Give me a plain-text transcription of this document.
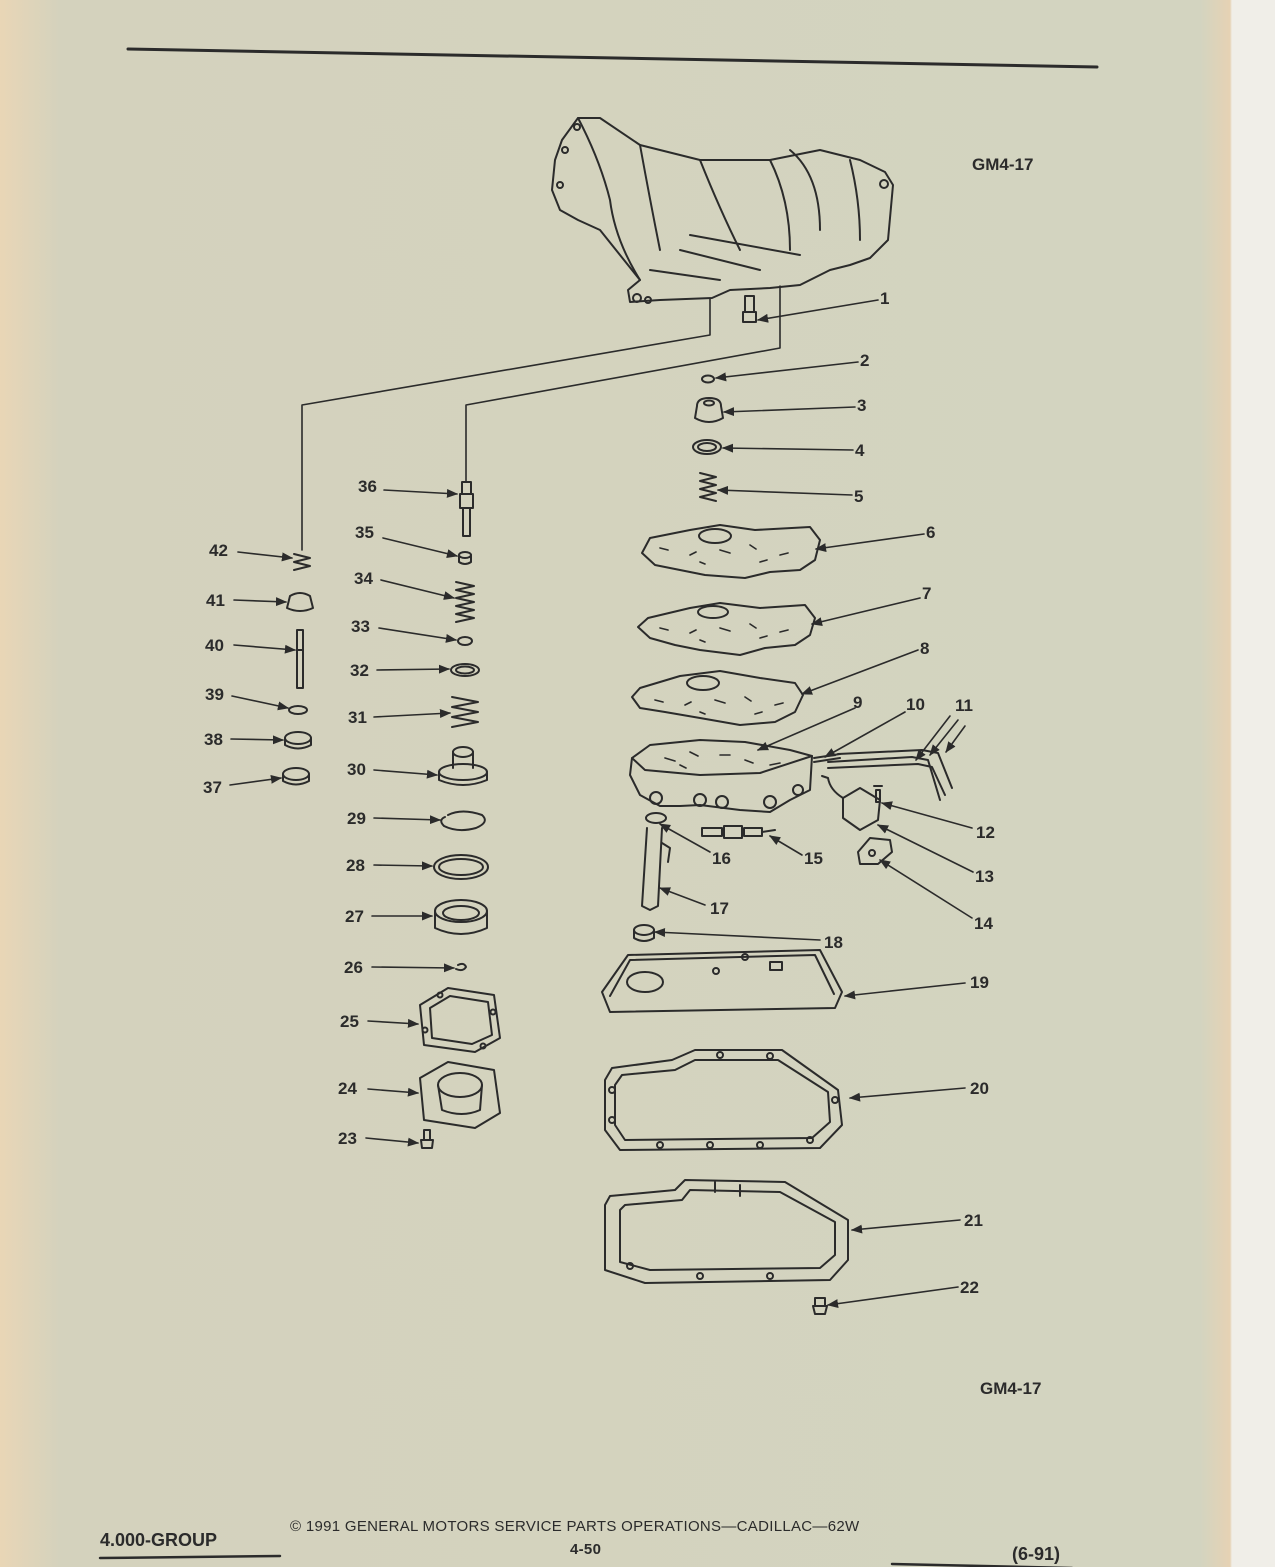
GM4-17
GM4-17
1
2
3
4
5
6
7
8
9	10 11
12
13
14
15
16
17
18
19
20
21
22
23
24
25
26
27
28
29
30
31
32
33
34
35
36
37
38
39
40
41
42
4.000-GROUP
© 1991 GENERAL MOTORS SERVICE PARTS OPERATIONS—CADILLAC—62W
4-50	(6-91)
